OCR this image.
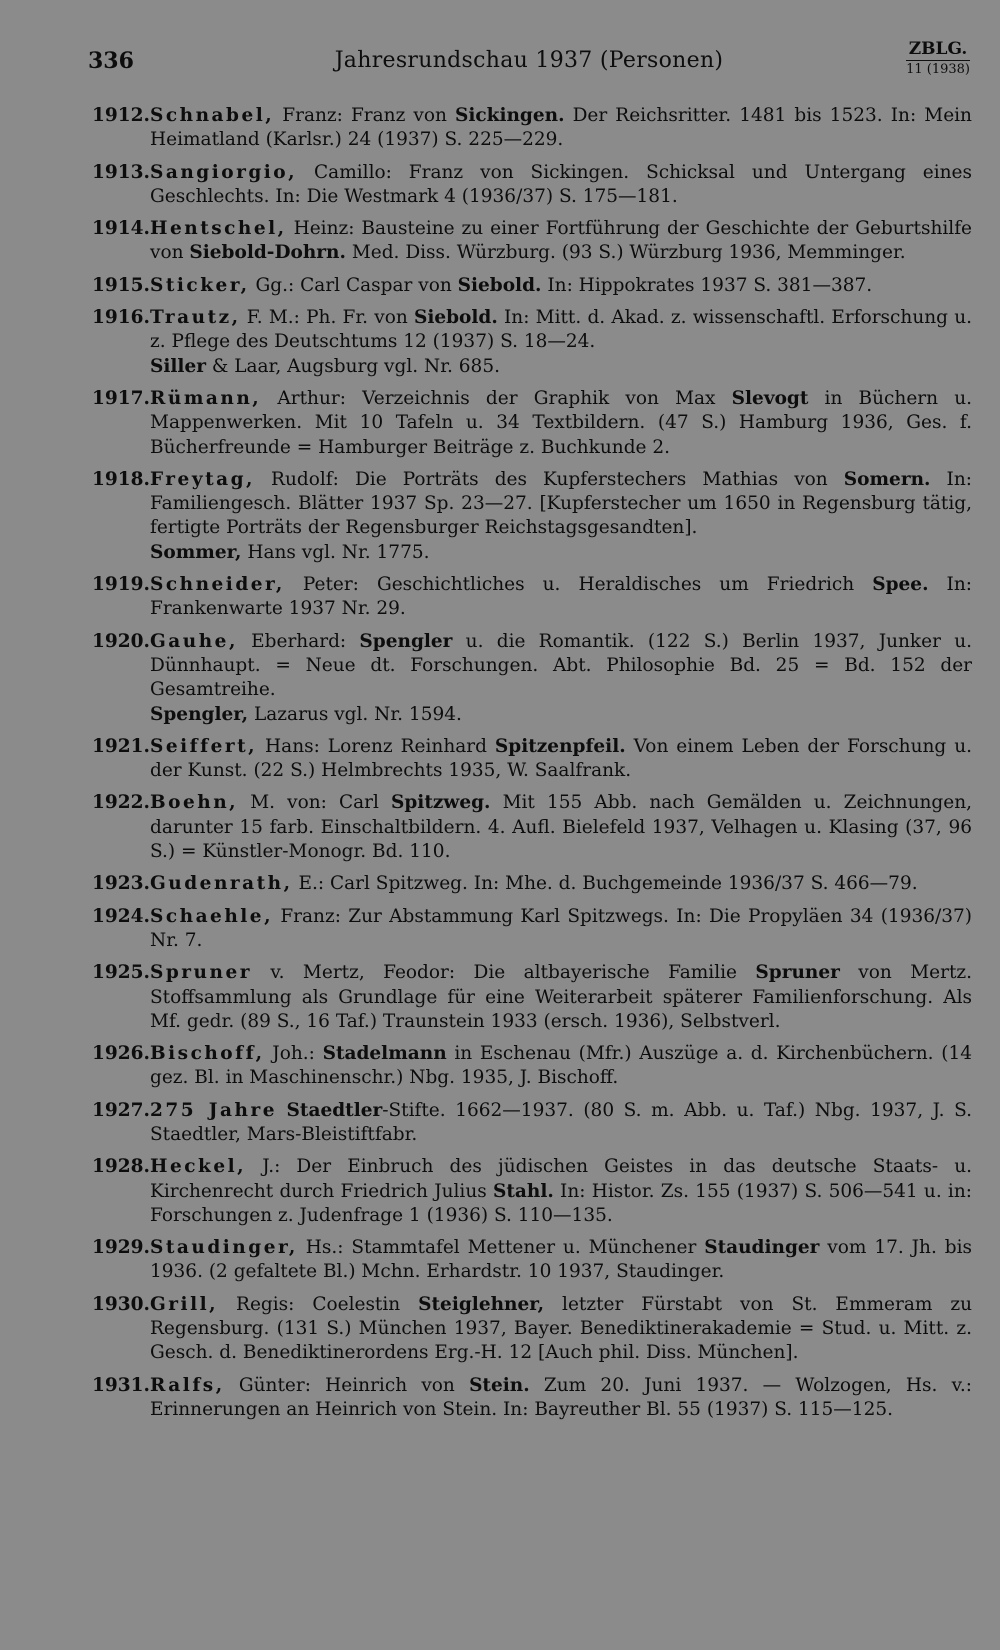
336	Jahresrundschau 1937 (Personen)	ZBLG.
11 (1938)
1912. Schnabel, Franz: Franz von Sickingen. Der Reichsritter. 1481 bis 1523. In: Mein Heimatland (Karlsr.) 24 (1937) S. 225—229.
1913. Sangiorgio, Camillo: Franz von Sickingen. Schicksal und Untergang eines Geschlechts. In: Die Westmark 4 (1936/37) S. 175—181.
1914. Hentschel, Heinz: Bausteine zu einer Fortführung der Geschichte der Geburtshilfe von Siebold-Dohrn. Med. Diss. Würzburg. (93 S.) Würzburg 1936, Memminger.
1915. Sticker, Gg.: Carl Caspar von Siebold. In: Hippokrates 1937 S. 381—387.
1916. Trautz, F. M.: Ph. Fr. von Siebold. In: Mitt. d. Akad. z. wissenschaftl. Erforschung u. z. Pflege des Deutschtums 12 (1937) S. 18—24.
Siller & Laar, Augsburg vgl. Nr. 685.
1917. Rümann, Arthur: Verzeichnis der Graphik von Max Slevogt in Büchern u. Mappenwerken. Mit 10 Tafeln u. 34 Textbildern. (47 S.) Hamburg 1936, Ges. f. Bücherfreunde = Hamburger Beiträge z. Buchkunde 2.
1918. Freytag, Rudolf: Die Porträts des Kupferstechers Mathias von Somern. In: Familiengesch. Blätter 1937 Sp. 23—27. [Kupferstecher um 1650 in Regensburg tätig, fertigte Porträts der Regensburger Reichstagsgesandten].
Sommer, Hans vgl. Nr. 1775.
1919. Schneider, Peter: Geschichtliches u. Heraldisches um Friedrich Spee. In: Frankenwarte 1937 Nr. 29.
1920. Gauhe, Eberhard: Spengler u. die Romantik. (122 S.) Berlin 1937, Junker u. Dünnhaupt. = Neue dt. Forschungen. Abt. Philosophie Bd. 25 = Bd. 152 der Gesamtreihe.
Spengler, Lazarus vgl. Nr. 1594.
1921. Seiffert, Hans: Lorenz Reinhard Spitzenpfeil. Von einem Leben der Forschung u. der Kunst. (22 S.) Helmbrechts 1935, W. Saalfrank.
1922. Boehn, M. von: Carl Spitzweg. Mit 155 Abb. nach Gemälden u. Zeichnungen, darunter 15 farb. Einschaltbildern. 4. Aufl. Bielefeld 1937, Velhagen u. Klasing (37, 96 S.) = Künstler-Monogr. Bd. 110.
1923. Gudenrath, E.: Carl Spitzweg. In: Mhe. d. Buchgemeinde 1936/37 S. 466—79.
1924. Schaehle, Franz: Zur Abstammung Karl Spitzwegs. In: Die Propyläen 34 (1936/37) Nr. 7.
1925. Spruner v. Mertz, Feodor: Die altbayerische Familie Spruner von Mertz. Stoffsammlung als Grundlage für eine Weiterarbeit späterer Familienforschung. Als Mf. gedr. (89 S., 16 Taf.) Traunstein 1933 (ersch. 1936), Selbstverl.
1926. Bischoff, Joh.: Stadelmann in Eschenau (Mfr.) Auszüge a. d. Kirchenbüchern. (14 gez. Bl. in Maschinenschr.) Nbg. 1935, J. Bischoff.
1927. 275 Jahre Staedtler-Stifte. 1662—1937. (80 S. m. Abb. u. Taf.) Nbg. 1937, J. S. Staedtler, Mars-Bleistiftfabr.
1928. Heckel, J.: Der Einbruch des jüdischen Geistes in das deutsche Staats- u. Kirchenrecht durch Friedrich Julius Stahl. In: Histor. Zs. 155 (1937) S. 506—541 u. in: Forschungen z. Judenfrage 1 (1936) S. 110—135.
1929. Staudinger, Hs.: Stammtafel Mettener u. Münchener Staudinger vom 17. Jh. bis 1936. (2 gefaltete Bl.) Mchn. Erhardstr. 10 1937, Staudinger.
1930. Grill, Regis: Coelestin Steiglehner, letzter Fürstabt von St. Emmeram zu Regensburg. (131 S.) München 1937, Bayer. Benediktinerakademie = Stud. u. Mitt. z. Gesch. d. Benediktinerordens Erg.-H. 12 [Auch phil. Diss. München].
1931. Ralfs, Günter: Heinrich von Stein. Zum 20. Juni 1937. — Wolzogen, Hs. v.: Erinnerungen an Heinrich von Stein. In: Bayreuther Bl. 55 (1937) S. 115—125.
